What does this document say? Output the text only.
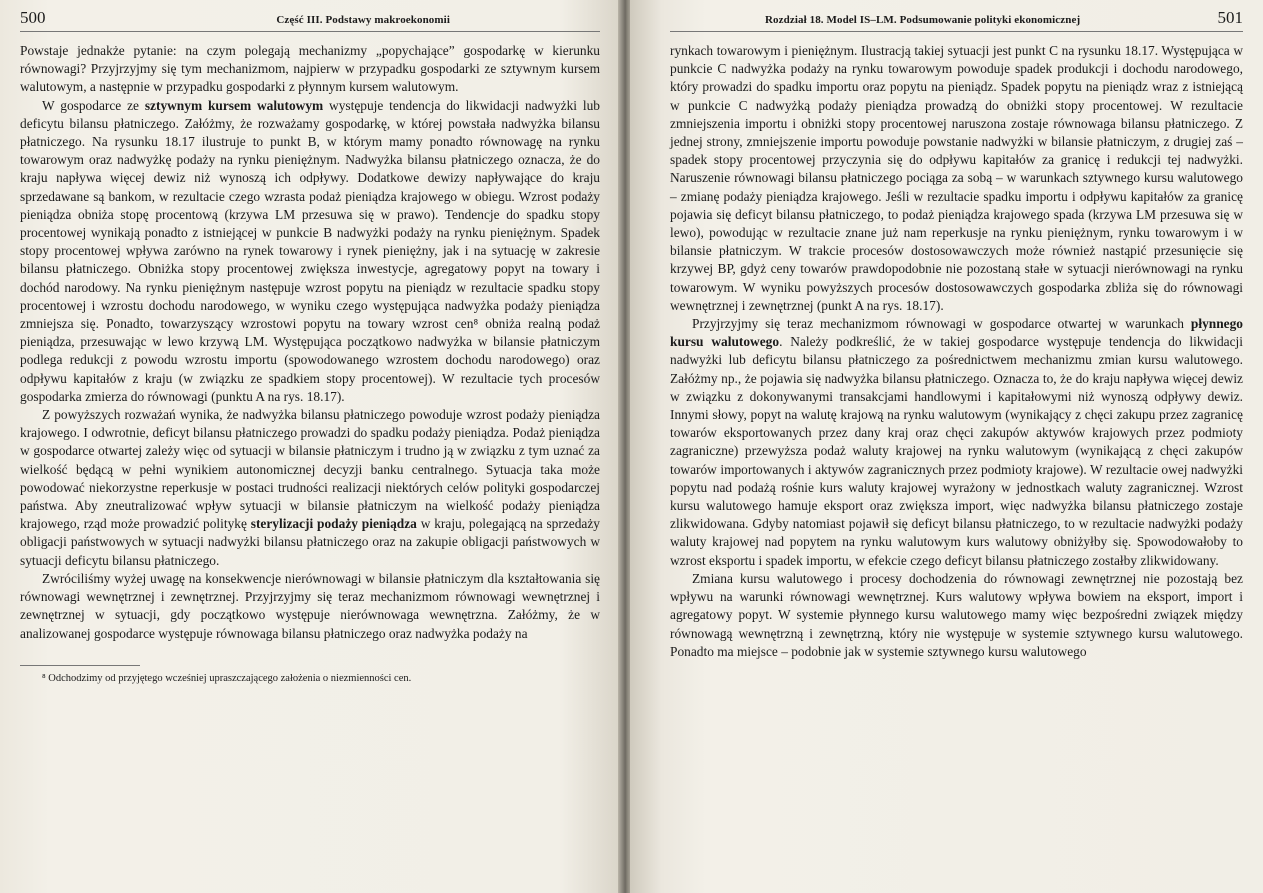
500	Część III. Podstawy makroekonomii

Powstaje jednakże pytanie: na czym polegają mechanizmy „popychające” gospodarkę w kierunku równowagi? Przyjrzyjmy się tym mechanizmom, najpierw w przypadku gospodarki ze sztywnym kursem walutowym, a następnie w przypadku gospodarki z płynnym kursem walutowym.

W gospodarce ze sztywnym kursem walutowym występuje tendencja do likwidacji nadwyżki lub deficytu bilansu płatniczego. Załóżmy, że rozważamy gospodarkę, w której powstała nadwyżka bilansu płatniczego. Na rysunku 18.17 ilustruje to punkt B, w którym mamy ponadto równowagę na rynku towarowym oraz nadwyżkę podaży na rynku pieniężnym. Nadwyżka bilansu płatniczego oznacza, że do kraju napływa więcej dewiz niż wynoszą ich odpływy. Dodatkowe dewizy napływające do kraju sprzedawane są bankom, w rezultacie czego wzrasta podaż pieniądza krajowego w obiegu. Wzrost podaży pieniądza obniża stopę procentową (krzywa LM przesuwa się w prawo). Tendencje do spadku stopy procentowej wynikają ponadto z istniejącej w punkcie B nadwyżki podaży na rynku pieniężnym. Spadek stopy procentowej wpływa zarówno na rynek towarowy i rynek pieniężny, jak i na sytuację w zakresie bilansu płatniczego. Obniżka stopy procentowej zwiększa inwestycje, agregatowy popyt na towary i dochód narodowy. Na rynku pieniężnym następuje wzrost popytu na pieniądz w rezultacie spadku stopy procentowej i wzrostu dochodu narodowego, w wyniku czego występująca nadwyżka podaży pieniądza zmniejsza się. Ponadto, towarzyszący wzrostowi popytu na towary wzrost cen⁸ obniża realną podaż pieniądza, przesuwając w lewo krzywą LM. Występująca początkowo nadwyżka w bilansie płatniczym podlega redukcji z powodu wzrostu importu (spowodowanego wzrostem dochodu narodowego) oraz odpływu kapitałów z kraju (w związku ze spadkiem stopy procentowej). W rezultacie tych procesów gospodarka zmierza do równowagi (punktu A na rys. 18.17).

Z powyższych rozważań wynika, że nadwyżka bilansu płatniczego powoduje wzrost podaży pieniądza krajowego. I odwrotnie, deficyt bilansu płatniczego prowadzi do spadku podaży pieniądza. Podaż pieniądza w gospodarce otwartej zależy więc od sytuacji w bilansie płatniczym i trudno ją w związku z tym uznać za wielkość będącą w pełni wynikiem autonomicznej decyzji banku centralnego. Sytuacja taka może powodować niekorzystne reperkusje w postaci trudności realizacji niektórych celów polityki gospodarczej państwa. Aby zneutralizować wpływ sytuacji w bilansie płatniczym na wielkość podaży pieniądza krajowego, rząd może prowadzić politykę sterylizacji podaży pieniądza w kraju, polegającą na sprzedaży obligacji państwowych w sytuacji nadwyżki bilansu płatniczego oraz na zakupie obligacji państwowych w sytuacji deficytu bilansu płatniczego.

Zwróciliśmy wyżej uwagę na konsekwencje nierównowagi w bilansie płatniczym dla kształtowania się równowagi wewnętrznej i zewnętrznej. Przyjrzyjmy się teraz mechanizmom równowagi wewnętrznej i zewnętrznej w sytuacji, gdy początkowo występuje nierównowaga wewnętrzna. Załóżmy, że w analizowanej gospodarce występuje równowaga bilansu płatniczego oraz nadwyżka podaży na

⁸ Odchodzimy od przyjętego wcześniej upraszczającego założenia o niezmienności cen.
Rozdział 18. Model IS–LM. Podsumowanie polityki ekonomicznej	501

rynkach towarowym i pieniężnym. Ilustracją takiej sytuacji jest punkt C na rysunku 18.17. Występująca w punkcie C nadwyżka podaży na rynku towarowym powoduje spadek produkcji i dochodu narodowego, który prowadzi do spadku importu oraz popytu na pieniądz. Spadek popytu na pieniądz wraz z istniejącą w punkcie C nadwyżką podaży pieniądza prowadzą do obniżki stopy procentowej. W rezultacie zmniejszenia importu i obniżki stopy procentowej naruszona zostaje równowaga bilansu płatniczego. Z jednej strony, zmniejszenie importu powoduje powstanie nadwyżki w bilansie płatniczym, z drugiej zaś – spadek stopy procentowej przyczynia się do odpływu kapitałów za granicę i redukcji tej nadwyżki. Naruszenie równowagi bilansu płatniczego pociąga za sobą – w warunkach sztywnego kursu walutowego – zmianę podaży pieniądza krajowego. Jeśli w rezultacie spadku importu i odpływu kapitałów za granicę pojawia się deficyt bilansu płatniczego, to podaż pieniądza krajowego spada (krzywa LM przesuwa się w lewo), powodując w rezultacie znane już nam reperkusje na rynku pieniężnym, rynku towarowym i w bilansie płatniczym. W trakcie procesów dostosowawczych może również nastąpić przesunięcie się krzywej BP, gdyż ceny towarów prawdopodobnie nie pozostaną stałe w sytuacji nierównowagi na rynku towarowym. W wyniku powyższych procesów dostosowawczych gospodarka zbliża się do równowagi wewnętrznej i zewnętrznej (punkt A na rys. 18.17).

Przyjrzyjmy się teraz mechanizmom równowagi w gospodarce otwartej w warunkach płynnego kursu walutowego. Należy podkreślić, że w takiej gospodarce występuje tendencja do likwidacji nadwyżki lub deficytu bilansu płatniczego za pośrednictwem mechanizmu zmian kursu walutowego. Załóżmy np., że pojawia się nadwyżka bilansu płatniczego. Oznacza to, że do kraju napływa więcej dewiz w związku z dokonywanymi transakcjami handlowymi i kapitałowymi niż wynoszą odpływy dewiz. Innymi słowy, popyt na walutę krajową na rynku walutowym (wynikający z chęci zakupu przez zagranicę towarów eksportowanych przez dany kraj oraz chęci zakupów aktywów krajowych przez podmioty zagraniczne) przewyższa podaż waluty krajowej na rynku walutowym (wynikającą z chęci zakupów towarów importowanych i aktywów zagranicznych przez podmioty krajowe). W rezultacie owej nadwyżki popytu nad podażą rośnie kurs waluty krajowej wyrażony w jednostkach waluty zagranicznej. Wzrost kursu walutowego hamuje eksport oraz zwiększa import, więc nadwyżka bilansu płatniczego zostaje zlikwidowana. Gdyby natomiast pojawił się deficyt bilansu płatniczego, to w rezultacie nadwyżki podaży waluty krajowej nad popytem na rynku walutowym kurs walutowy obniżyłby się. Spowodowałoby to wzrost eksportu i spadek importu, w efekcie czego deficyt bilansu płatniczego zostałby zlikwidowany.

Zmiana kursu walutowego i procesy dochodzenia do równowagi zewnętrznej nie pozostają bez wpływu na warunki równowagi wewnętrznej. Kurs walutowy wpływa bowiem na eksport, import i agregatowy popyt. W systemie płynnego kursu walutowego mamy więc bezpośredni związek między równowagą wewnętrzną i zewnętrzną, który nie występuje w systemie sztywnego kursu walutowego. Ponadto ma miejsce – podobnie jak w systemie sztywnego kursu walutowego
